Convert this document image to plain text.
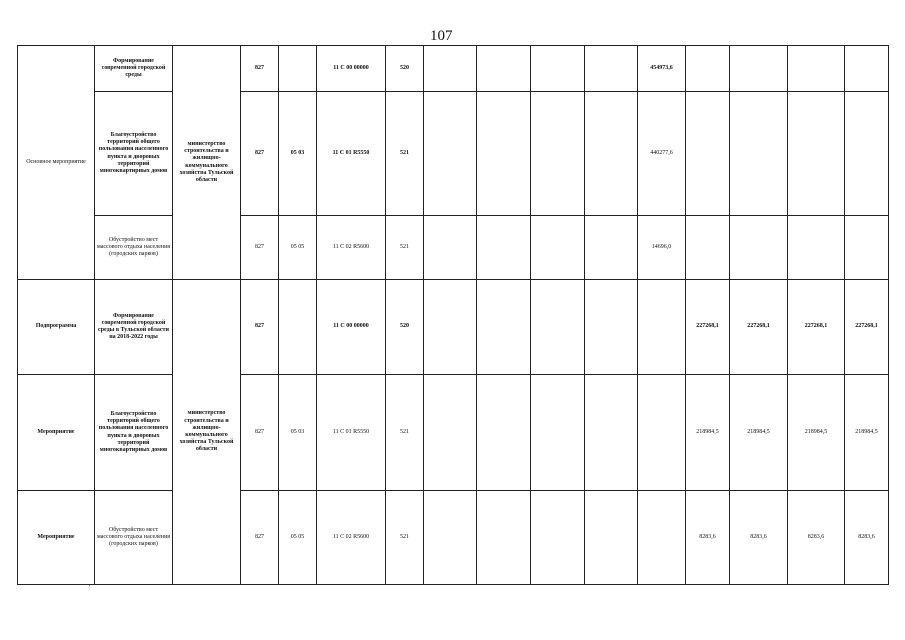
107
Основное мероприятие	Формирование современной городской среды	министерство строительства и жилищно-коммунального хозяйства Тульской области	827		11 С 00 00000	520					454973,6				
	Благоустройство территорий общего пользования населенного пункта и дворовых территорий многоквартирных домов		827	05 03	11 С 01 R5550	521					440277,6				
	Обустройство мест массового отдыха населения (городских парков)		827	05 05	11 С 02 R5600	521					14696,0				
Подпрограмма	Формирование современной городской среды в Тульской области на 2018-2022 годы	министерство строительства и жилищно-коммунального хозяйства Тульской области	827		11 С 00 00000	520						227268,1	227268,1	227268,1	227268,1
Мероприятие	Благоустройство территорий общего пользования населенного пункта и дворовых территорий многоквартирных домов		827	05 03	11 С 01 R5550	521						218984,5	218984,5	218984,5	218984,5
Мероприятие	Обустройство мест массового отдыха населения (городских парков)		827	05 05	11 С 02 R5600	521						8283,6	8283,6	8283,6	8283,6
'
